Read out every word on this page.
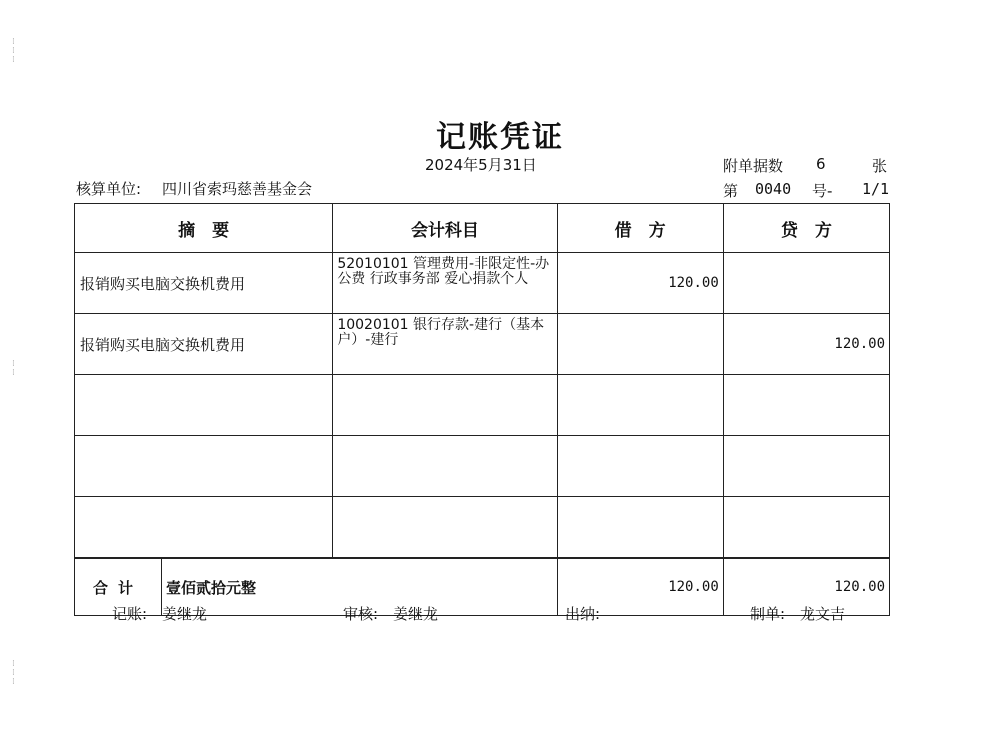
⁞
⁞
⁞
⁞
⁞
⁞
⁞
⁞
记账凭证
2024年5月31日	附单据数 6	张
核算单位: 四川省索玛慈善基金会	第 0040 号- 1/1
摘　要	会计科目	借　方	贷　方
报销购买电脑交换机费用	52010101 管理费用-非限定性-办公费 行政事务部 爱心捐款个人	120.00	
报销购买电脑交换机费用	10020101 银行存款-建行（基本户）-建行		120.00

合计 壹佰贰拾元整		120.00	120.00
记账:　姜继龙	审核:　姜继龙	出纳:	制单:　龙文吉
